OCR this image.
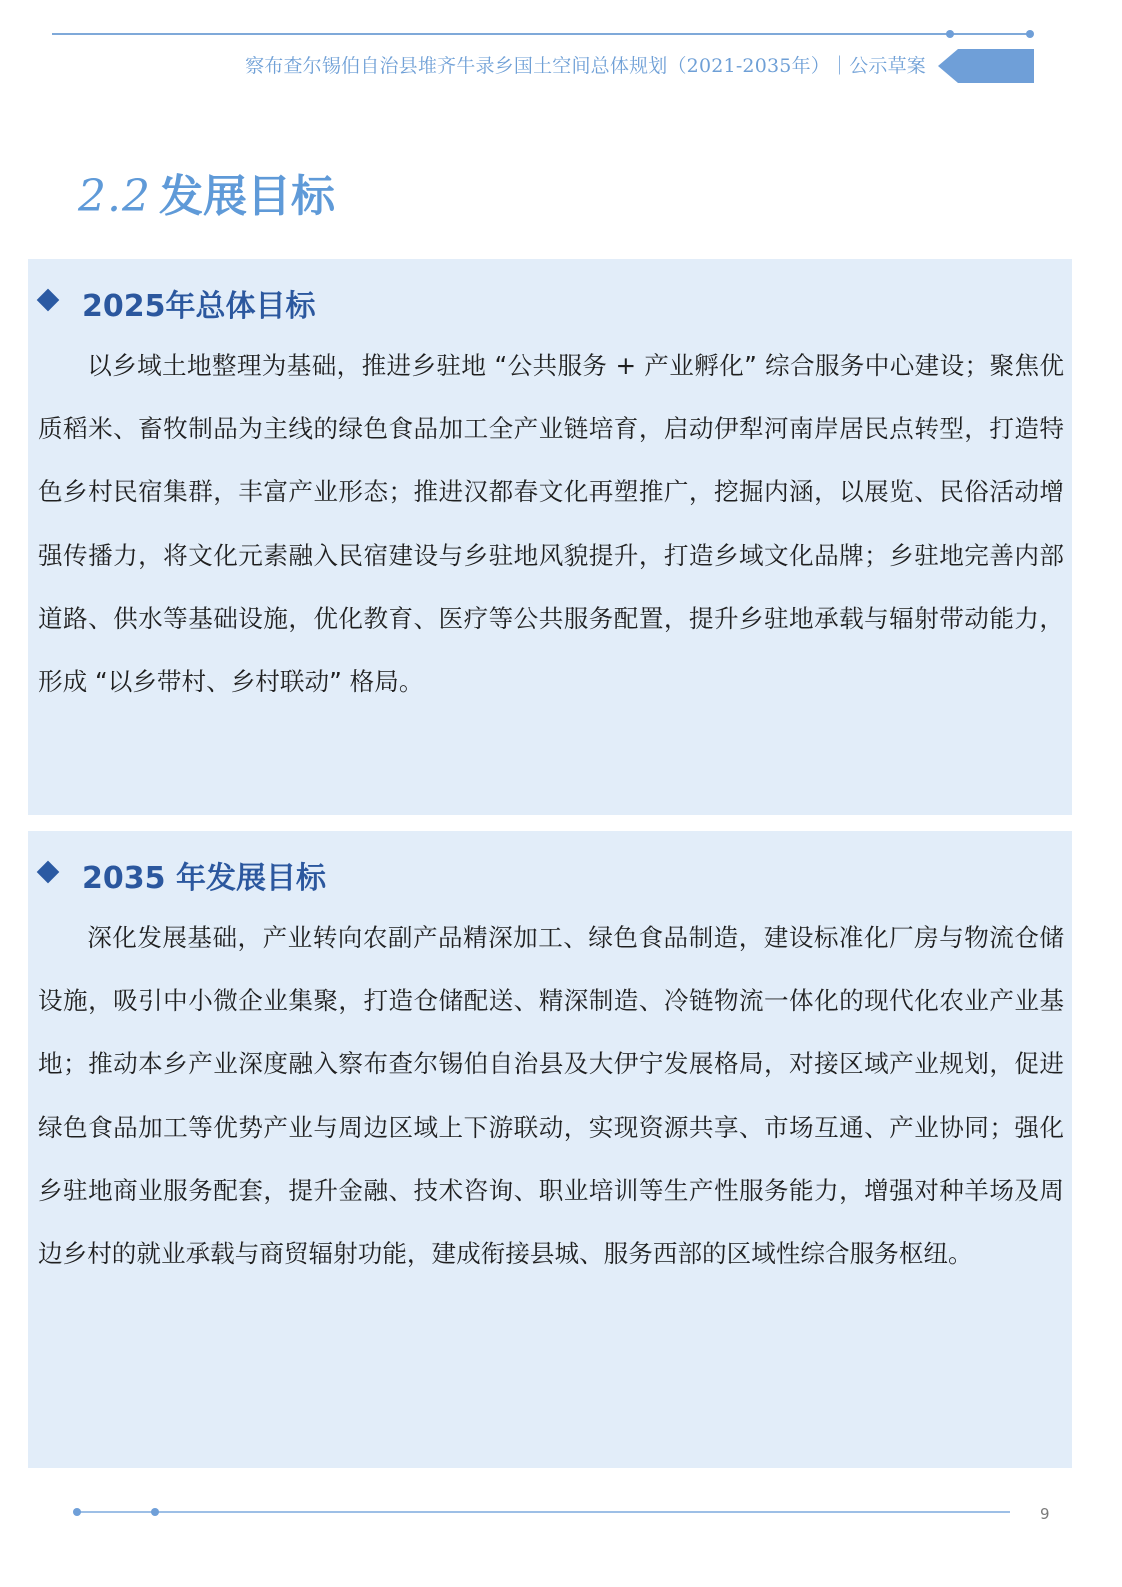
察布查尔锡伯自治县堆齐牛录乡国土空间总体规划（2021-2035年）｜公示草案
2.2 发展目标
2025年总体目标

以乡域土地整理为基础，推进乡驻地 “公共服务 + 产业孵化” 综合服务中心建设；聚焦优质稻米、畜牧制品为主线的绿色食品加工全产业链培育，启动伊犁河南岸居民点转型，打造特色乡村民宿集群，丰富产业形态；推进汉都春文化再塑推广，挖掘内涵，以展览、民俗活动增强传播力，将文化元素融入民宿建设与乡驻地风貌提升，打造乡域文化品牌；乡驻地完善内部道路、供水等基础设施，优化教育、医疗等公共服务配置，提升乡驻地承载与辐射带动能力，形成 “以乡带村、乡村联动” 格局。

2035 年发展目标

深化发展基础，产业转向农副产品精深加工、绿色食品制造，建设标准化厂房与物流仓储设施，吸引中小微企业集聚，打造仓储配送、精深制造、冷链物流一体化的现代化农业产业基地；推动本乡产业深度融入察布查尔锡伯自治县及大伊宁发展格局，对接区域产业规划，促进绿色食品加工等优势产业与周边区域上下游联动，实现资源共享、市场互通、产业协同；强化乡驻地商业服务配套，提升金融、技术咨询、职业培训等生产性服务能力，增强对种羊场及周边乡村的就业承载与商贸辐射功能，建成衔接县城、服务西部的区域性综合服务枢纽。

9
